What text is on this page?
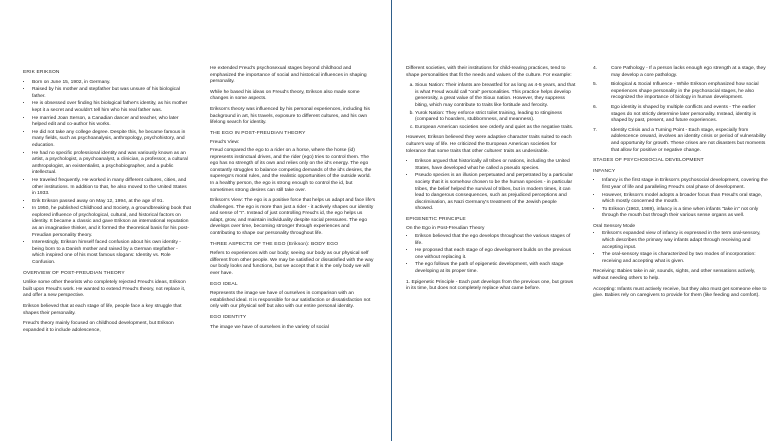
ERIK ERIKSON
• Born on June 15, 1902, in Germany.
• Raised by his mother and stepfather but was unsure of his biological father.
• He is obsessed over finding his biological father's identity, as his mother kept it a secret and wouldn't tell him who his real father was.
• He married Joan Serson, a Canadian dancer and teacher, who later helped edit and co-author his works.
• He did not take any college degree. Despite this, he became famous in many fields, such as psychoanalysis, anthropology, psychohistory, and education.
• He had no specific professional identity and was variously known as an artist, a psychologist, a psychoanalyst, a clinician, a professor, a cultural anthropologist, an existentialist, a psychobiographer, and a public intellectual.
• He traveled frequently. He worked in many different cultures, cities, and other institutions. In addition to that, he also moved to the United States in 1933.
• Erik Erikson passed away on May 12, 1994, at the age of 91.
• In 1950, he published Childhood and Society, a groundbreaking book that explored influence of psychological, cultural, and historical factors on identity. It became a classic and gave Erikson an international reputation as an imaginative thinker, and it formed the theoretical basis for his post-Freudian personality theory.
• Interestingly, Erikson himself faced confusion about his own identity - being born to a Danish mother and raised by a German stepfather - which inspired one of his most famous slogans: Identity vs. Role Confusion.
OVERVIEW OF POST-FREUDIAN THEORY

Unlike some other theorists who completely rejected Freud's ideas, Erikson built upon Freud's work. He wanted to extend Freud's theory, not replace it, and offer a new perspective.

Erikson believed that at each stage of life, people face a key struggle that shapes their personality.

Freud's theory mainly focused on childhood development, but Erikson expanded it to include adolescence,

He extended Freud's psychosexual stages beyond childhood and emphasized the importance of social and historical influences in shaping personality.

While he based his ideas on Freud's theory, Erikson also made some changes in some aspects.

Erikson's theory was influenced by his personal experiences, including his background in art, his travels, exposure to different cultures, and his own lifelong search for identity.

THE EGO IN POST-FREUDIAN THEORY
Freud's View:

Freud compared the ego to a rider on a horse, where the horse (id) represents instinctual drives, and the rider (ego) tries to control them. The ego has no strength of its own and relies only on the id's energy. The ego constantly struggles to balance competing demands of the id's desires, the superego's moral rules, and the realistic opportunities of the outside world. In a healthy person, the ego is strong enough to control the id, but sometimes strong desires can still take over.

Erikson's View: The ego is a positive force that helps us adapt and face life's challenges. The ego is more than just a rider - it actively shapes our identity and sense of "I". Instead of just controlling Freud's id, the ego helps us adapt, grow, and maintain individuality despite social pressures. The ego develops over time, becoming stronger through experiences and contributing to shape our personality throughout life.

THREE ASPECTS OF THE EGO (Erikson): BODY EGO

Refers to experiences with our body; seeing our body as our physical self different from other people. We may be satisfied or dissatisfied with the way our body looks and functions, but we accept that it is the only body we will ever have.

EGO IDEAL

Represents the image we have of ourselves in comparison with an established ideal. It is responsible for our satisfaction or dissatisfaction not only with our physical self but also with our entire personal identity.

EGO IDENTITY

The image we have of ourselves in the variety of social

Different societies, with their institutions for child-rearing practices, tend to shape personalities that fit the needs and values of the culture. For example:

a. Sioux Nation: Their infants are breastfed for as long as 4-5 years, and that is what Freud would call "oral" personalities. This practice helps develop generosity, a great value of the Sioux nation. However, they suppress biting, which may contribute to traits like fortitude and ferocity.
b. Yurok Nation: They enforce strict toilet training, leading to stinginess (compared to hoarders, stubbornness, and meanness).
c. European American societies see orderly and quiet as the negative traits.

However, Erikson believed they were adaptive character traits suited to each culture's way of life. He criticized the European American societies for tolerance that some traits that other cultures' traits as undesirable.

• Erikson argued that historically all tribes or nations, including the United States, have developed what he called a pseudo species.
• Pseudo species is an illusion perpetuated and perpetrated by a particular society that it is somehow chosen to be the human species - in particular tribes, the belief helped the survival of tribes, but in modern times, it can lead to dangerous consequences, such as prejudiced perceptions and discrimination, as Nazi Germany's treatment of the Jewish people showed.
EPIGENETIC PRINCIPLE
On the Ego in Post-Freudian Theory
• Erikson believed that the ego develops throughout the various stages of life.
• He proposed that each stage of ego development builds on the previous one without replacing it.
• The ego follows the path of epigenetic development, with each stage developing at its proper time.

1. Epigenetic Principle - Each part develops from the previous one, but grows in its time, but does not completely replace what came before.

4.	Core Pathology - If a person lacks enough ego strength at a stage, they may develop a core pathology.
5.	Biological & Social Influence - While Erikson emphasized how social experiences shape personality in the psychosocial stages, he also recognized the importance of biology in human development.
6.	Ego identity is shaped by multiple conflicts and events - The earlier stages do not strictly determine later personality. Instead, identity is shaped by past, present, and future experiences.
7.	Identity Crisis and a Turning Point - Each stage, especially from adolescence onward, involves an identity crisis or period of vulnerability and opportunity for growth. These crises are not disasters but moments that allow for positive or negative change.
STAGES OF PSYCHOSOCIAL DEVELOPMENT
INFANCY
• Infancy is the first stage in Erikson's psychosocial development, covering the first year of life and paralleling Freud's oral phase of development.
• However, Erikson's model adopts a broader focus than Freud's oral stage, which mostly concerned the mouth.
• To Erikson (1963, 1989), infancy is a time when infants "take in" not only through the mouth but through their various sense organs as well.
Oral Sensory Mode
• Erikson's expanded view of infancy is expressed in the term oral-sensory, which describes the primary way infants adapt through receiving and accepting input.
• The oral-sensory stage is characterized by two modes of incorporation: receiving and accepting what is given.

Receiving: Babies take in air, sounds, sights, and other sensations actively, without needing others to help.

Accepting: Infants must actively receive, but they also must get someone else to give. Babies rely on caregivers to provide for them (like feeding and comfort).
